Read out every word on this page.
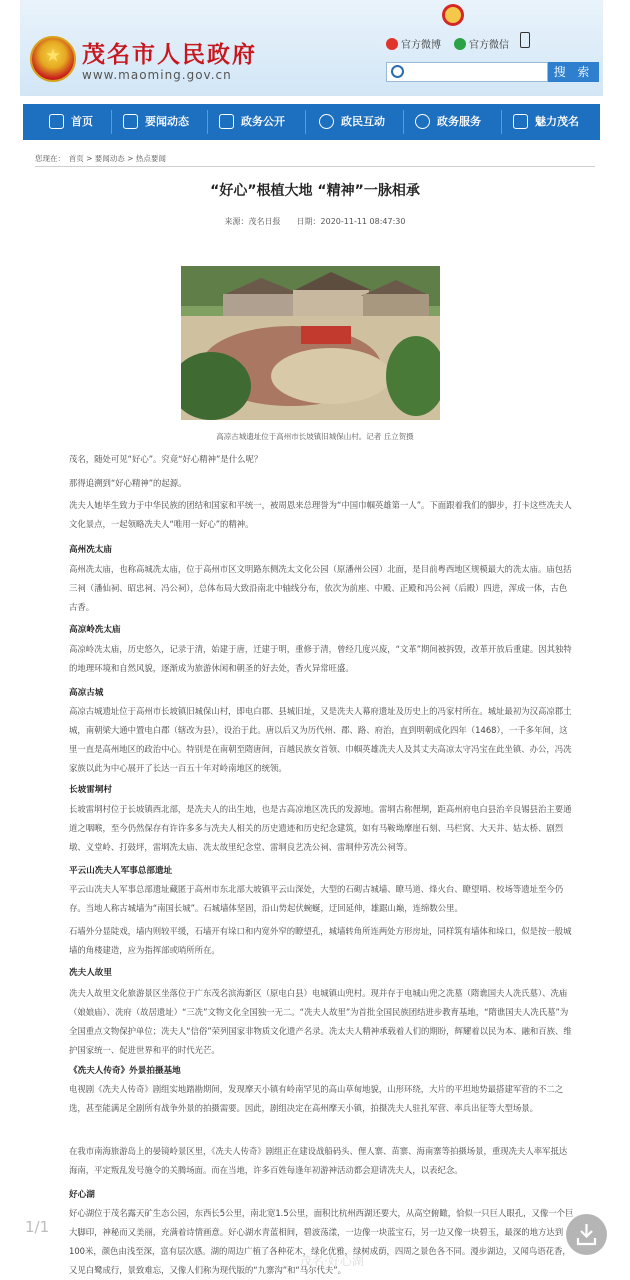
★ 茂名市人民政府
www.maoming.gov.cn
官方微博	官方微信
搜 索
首页	要闻动态	政务公开	政民互动	政务服务	魅力茂名
您现在：　首页 > 要闻动态 > 热点要闻
“好心”根植大地 “精神”一脉相承
来源：茂名日报　　日期：2020-11-11 08:47:30
高凉古城遗址位于高州市长坡镇旧城保山村。记者 丘立贺摄
茂名，随处可见“好心”。究竟“好心精神”是什么呢？
那得追溯到“好心精神”的起源。
冼夫人她毕生致力于中华民族的团结和国家和平统一，被周恩来总理誉为“中国巾帼英雄第一人”。下面跟着我们的脚步，打卡这些冼夫人文化景点，一起领略冼夫人“唯用一好心”的精神。
高州冼太庙
高州冼太庙，也称高城冼太庙，位于高州市区文明路东侧冼太文化公园（原潘州公园）北面，是目前粤西地区规模最大的冼太庙。庙包括三祠（潘仙祠、昭忠祠、冯公祠），总体布局大致沿南北中轴线分布，依次为前座、中殿、正殿和冯公祠（后殿）四进，浑成一体，古色古香。
高凉岭冼太庙
高凉岭冼太庙，历史悠久，记录于清，始建于唐，迁建于明，重修于清，曾经几度兴废，“文革”期间被拆毁，改革开放后重建。因其独特的地理环境和自然风貌，逐渐成为旅游休闲和朝圣的好去处，香火异常旺盛。
高凉古城
高凉古城遗址位于高州市长坡镇旧城保山村，即电白郡、县城旧址，又是冼夫人幕府遗址及历史上的冯家村所在。城址最初为汉高凉郡土城，南朝梁大通中置电白郡（辖改为县），设治于此。唐以后又为历代州、郡、路、府治，直到明朝成化四年（1468），一千多年间，这里一直是高州地区的政治中心。特别是在南朝至隋唐间，百越民族女首领、巾帼英雄冼夫人及其丈夫高凉太守冯宝在此坐镇、办公，冯冼家族以此为中心展开了长达一百五十年对岭南地区的统领。
长坡雷垌村
长坡雷垌村位于长坡镇西北部，是冼夫人的出生地，也是古高凉地区冼氏的发源地。雷垌古称俚垌，距高州府电白县治辛良锡县治主要通道之咽喉，至今仍然保存有许许多多与冼夫人相关的历史遗迹和历史纪念建筑，如有马鞍坳摩崖石刻、马栏窝、大天井、姑太桥、剧烈墩、义堂岭、打鼓坪，雷垌冼太庙、冼太故里纪念堂、雷垌良艺冼公祠、雷垌仲芳冼公祠等。
平云山冼夫人军事总部遗址
平云山冼夫人军事总部遗址藏匿于高州市东北部大坡镇平云山深处，大型的石砌古城墙、瞭马道、烽火台、瞭望哨、校场等遗址至今仍存。当地人称古城墙为“南国长城”。石城墙体坚固，沿山势起伏蜿蜒，迂回延伸，雄踞山巅，连绵数公里。
石墙外分显陡戏，墙内则较平缓，石墙开有垛口和内宽外窄的瞭望孔，城墙转角所连两处方形房址，同样筑有墙体和垛口，似是按一般城墙的角楼建造，应为指挥部或哨所所在。
冼夫人故里
冼夫人故里文化旅游景区坐落位于广东茂名滨海新区（原电白县）电城镇山兜村。现并存于电城山兜之冼墓（隋谯国夫人冼氏墓）、冼庙（娘娘庙）、冼府（故居遗址）“三冼”文物文化全国独一无二。“冼夫人故里”为首批全国民族团结进步教育基地，“隋谯国夫人冼氏墓”为全国重点文物保护单位；冼夫人“信俗”荣列国家非物质文化遗产名录。冼太夫人精神承载着人们的期盼，辉耀着以民为本、融和百族、维护国家统一、促进世界和平的时代光芒。
《冼夫人传奇》外景拍摄基地
电视剧《冼夫人传奇》剧组实地踏勘期间，发现摩天小镇有岭南罕见的高山草甸地貌，山形环绕，大片的平坦地势最搭建军营的不二之选，甚至能满足全剧所有战争外景的拍摄需要。因此，剧组决定在高州摩天小镇，拍摄冼夫人驻扎军营、率兵出征等大型场景。
在我市南海旅游岛上的晏镜岭景区里，《冼夫人传奇》剧组正在建设战船码头、俚人寨、苗寨、海南寨等拍摄场景，重现冼夫人率军抵达海南，平定叛乱发号施令的关腾场面。而在当地，许多百姓每逢年初游神活动都会迎请冼夫人，以表纪念。
好心湖
好心湖位于茂名露天矿生态公园，东西长5公里，南北宽1.5公里，面积比杭州西湖还要大，从高空俯瞰，恰似一只巨人眼孔，又像一个巨大脚印，神秘而又美丽，充满着诗情画意。好心湖水青蓝相间，碧波荡漾，一边像一块蓝宝石，另一边又像一块碧玉，最深的地方达到100米，颜色由浅至深，富有层次感。湖的周边广植了各种花木，绿化优雅，绿树成荫，四周之景色各不同。漫步湖边，又闻鸟语花香，又见白鹭成行，景致难忘，又像人们称为现代版的“九寨沟”和“马尔代夫”。
1/1
茂名·好心湖
